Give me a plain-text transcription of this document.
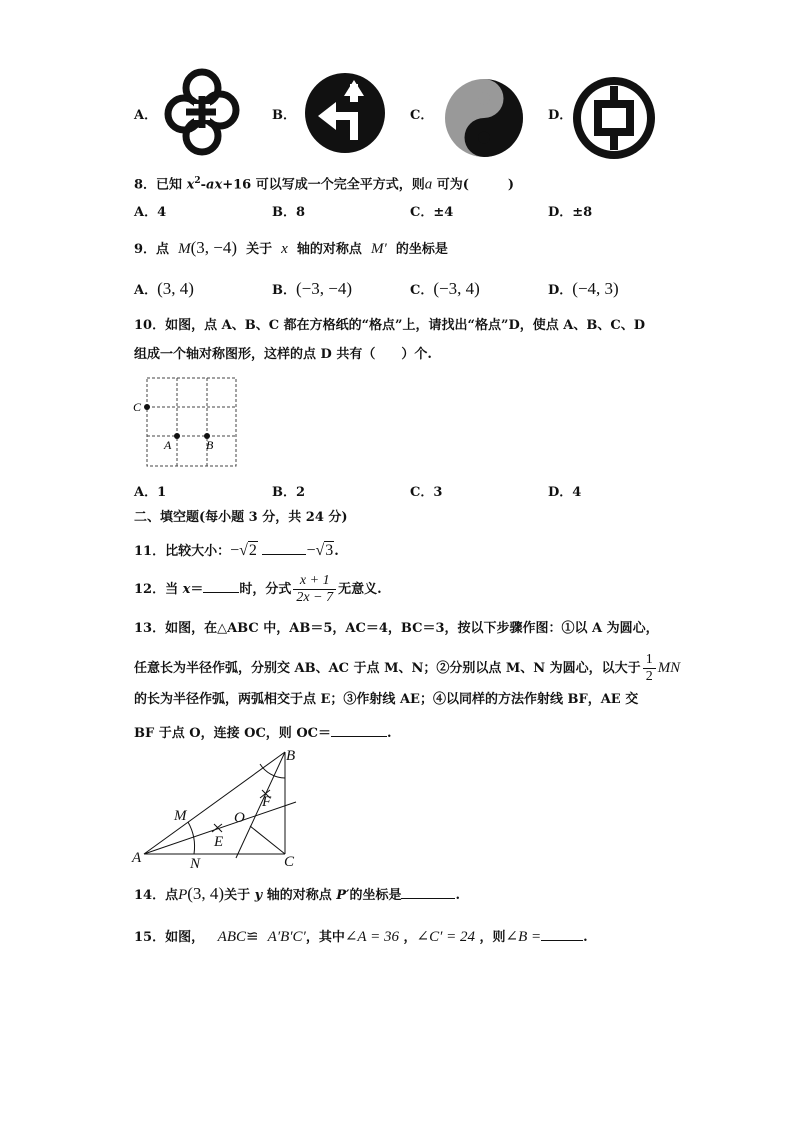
A．	B．	C．	D．
8．已知 $x^2-ax+16$ 可以写成一个完全平方式，则a 可为(　　　)
A．4	B．8	C．±4	D．±8
9．点 M(3, −4) 关于 x 轴的对称点 M′ 的坐标是
A．(3, 4)	B．(−3, −4)	C．(−3, 4)	D．(−4, 3)
10．如图，点 A、B、C 都在方格纸的“格点”上，请找出“格点”D，使点 A、B、C、D
组成一个轴对称图形，这样的点 D 共有（　　）个.
C
A	B
A．1	B．2	C．3	D．4
二、填空题(每小题 3 分，共 24 分)
11．比较大小：−√2	−√3.
12．当 x＝	时，分式 $\frac{x + 1}{2x - 7}$ 无意义.
13．如图，在△ABC 中，AB＝5，AC＝4，BC＝3，按以下步骤作图：①以 A 为圆心，
任意长为半径作弧，分别交 AB、AC 于点 M、N；②分别以点 M、N 为圆心，以大于 $\frac{1}{2}$ MN
的长为半径作弧，两弧相交于点 E；③作射线 AE；④以同样的方法作射线 BF，AE 交
BF 于点 O，连接 OC，则 OC＝	.
A
B
C
M
N
O
E
F
14．点P(3, 4)关于 y 轴的对称点 P′的坐标是	.
15．如图， ABC≌ A′B′C′，其中∠A = 36 ，∠C′ = 24 ，则∠B =	.
